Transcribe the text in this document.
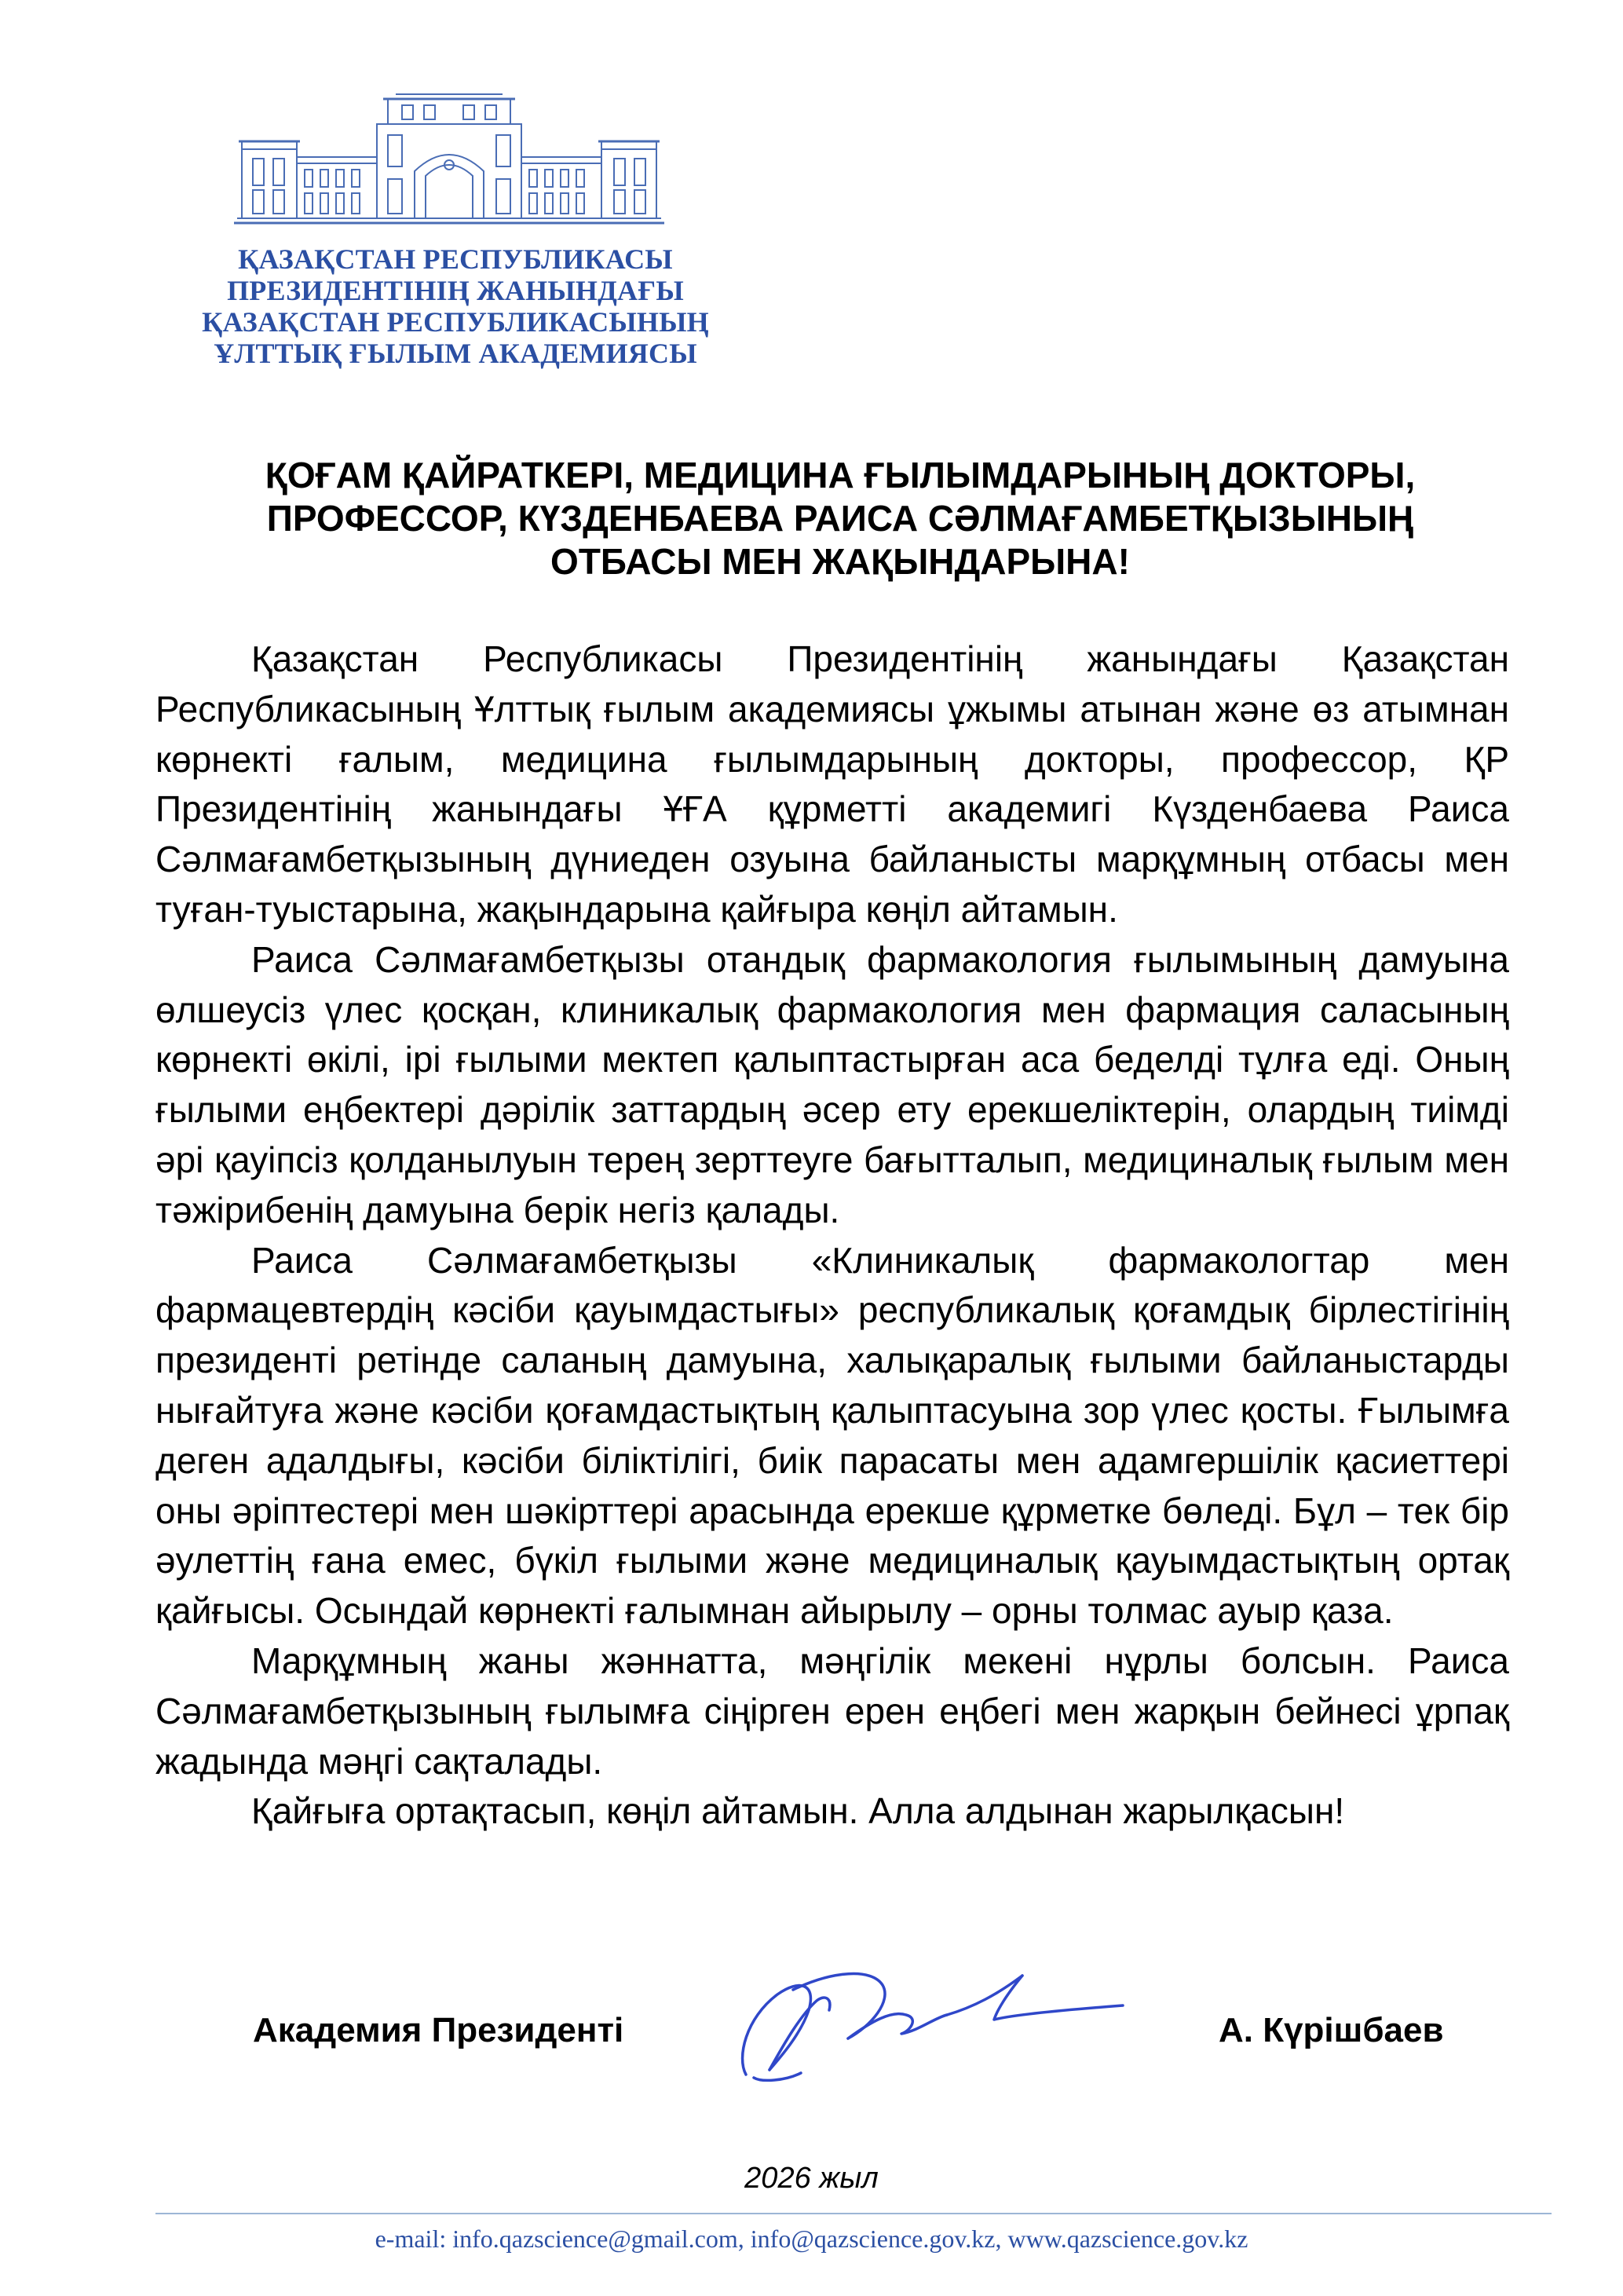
ҚАЗАҚСТАН РЕСПУБЛИКАСЫ
ПРЕЗИДЕНТІНІҢ ЖАНЫНДАҒЫ
ҚАЗАҚСТАН РЕСПУБЛИКАСЫНЫҢ
ҰЛТТЫҚ ҒЫЛЫМ АКАДЕМИЯСЫ
ҚОҒАМ ҚАЙРАТКЕРІ, МЕДИЦИНА ҒЫЛЫМДАРЫНЫҢ ДОКТОРЫ,
ПРОФЕССОР, КҮЗДЕНБАЕВА РАИСА СӘЛМАҒАМБЕТҚЫЗЫНЫҢ
ОТБАСЫ МЕН ЖАҚЫНДАРЫНА!

Қазақстан Республикасы Президентінің жанындағы Қазақстан Республикасының Ұлттық ғылым академиясы ұжымы атынан және өз атымнан көрнекті ғалым, медицина ғылымдарының докторы, профессор, ҚР Президентінің жанындағы ҰҒА құрметті академигі Күзденбаева Раиса Сәлмағамбетқызының дүниеден озуына байланысты марқұмның отбасы мен туған-туыстарына, жақындарына қайғыра көңіл айтамын.

Раиса Сәлмағамбетқызы отандық фармакология ғылымының дамуына өлшеусіз үлес қосқан, клиникалық фармакология мен фармация саласының көрнекті өкілі, ірі ғылыми мектеп қалыптастырған аса беделді тұлға еді. Оның ғылыми еңбектері дәрілік заттардың әсер ету ерекшеліктерін, олардың тиімді әрі қауіпсіз қолданылуын терең зерттеуге бағытталып, медициналық ғылым мен тәжірибенің дамуына берік негіз қалады.

Раиса Сәлмағамбетқызы «Клиникалық фармакологтар мен фармацевтердің кәсіби қауымдастығы» республикалық қоғамдық бірлестігінің президенті ретінде саланың дамуына, халықаралық ғылыми байланыстарды нығайтуға және кәсіби қоғамдастықтың қалыптасуына зор үлес қосты. Ғылымға деген адалдығы, кәсіби біліктілігі, биік парасаты мен адамгершілік қасиеттері оны әріптестері мен шәкірттері арасында ерекше құрметке бөледі. Бұл – тек бір әулеттің ғана емес, бүкіл ғылыми және медициналық қауымдастықтың ортақ қайғысы. Осындай көрнекті ғалымнан айырылу – орны толмас ауыр қаза.

Марқұмның жаны жәннатта, мәңгілік мекені нұрлы болсын. Раиса Сәлмағамбетқызының ғылымға сіңірген ерен еңбегі мен жарқын бейнесі ұрпақ жадында мәңгі сақталады.

Қайғыға ортақтасып, көңіл айтамын. Алла алдынан жарылқасын!

Академия Президенті	А. Күрішбаев
2026 жыл
e-mail: info.qazscience@gmail.com, info@qazscience.gov.kz, www.qazscience.gov.kz
